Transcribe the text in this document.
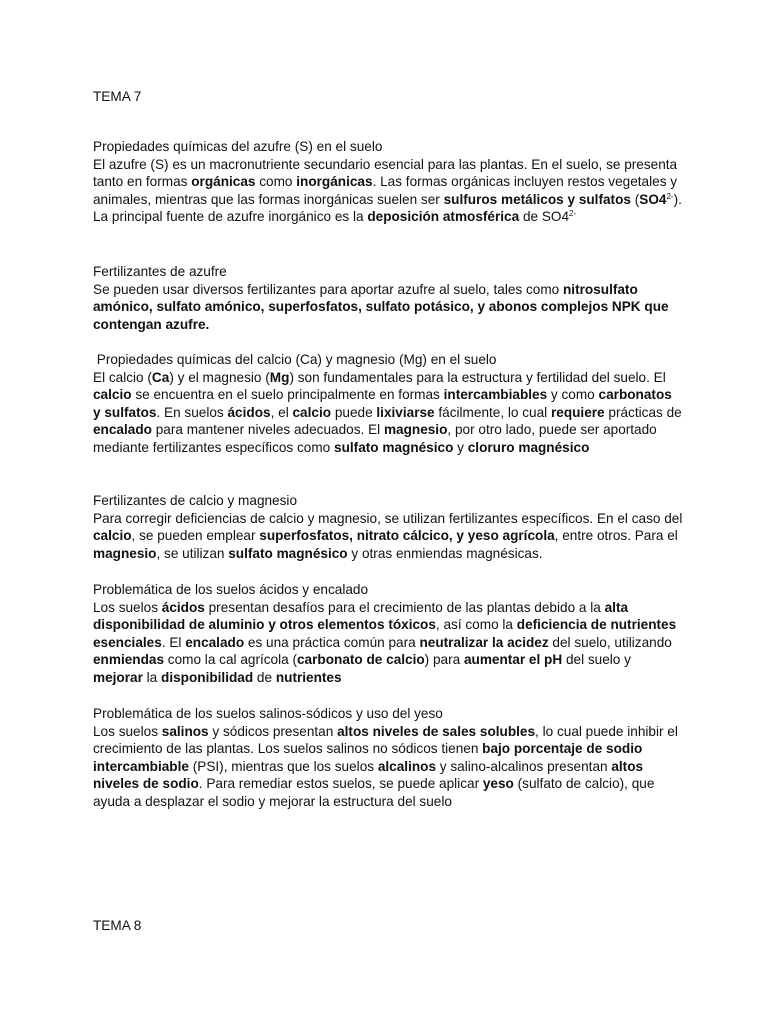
TEMA 7

Propiedades químicas del azufre (S) en el suelo

El azufre (S) es un macronutriente secundario esencial para las plantas. En el suelo, se presenta tanto en formas orgánicas como inorgánicas. Las formas orgánicas incluyen restos vegetales y animales, mientras que las formas inorgánicas suelen ser sulfuros metálicos y sulfatos $(SO4^{2-})$. La principal fuente de azufre inorgánico es la deposición atmosférica de $SO4^{2-}$

Fertilizantes de azufre

Se pueden usar diversos fertilizantes para aportar azufre al suelo, tales como nitrosulfato amónico, sulfato amónico, superfosfatos, sulfato potásico, y abonos complejos NPK que contengan azufre.

Propiedades químicas del calcio (Ca) y magnesio (Mg) en el suelo

El calcio (Ca) y el magnesio (Mg) son fundamentales para la estructura y fertilidad del suelo. El calcio se encuentra en el suelo principalmente en formas intercambiables y como carbonatos y sulfatos. En suelos ácidos, el calcio puede lixiviarse fácilmente, lo cual requiere prácticas de encalado para mantener niveles adecuados. El magnesio, por otro lado, puede ser aportado mediante fertilizantes específicos como sulfato magnésico y cloruro magnésico

Fertilizantes de calcio y magnesio

Para corregir deficiencias de calcio y magnesio, se utilizan fertilizantes específicos. En el caso del calcio, se pueden emplear superfosfatos, nitrato cálcico, y yeso agrícola, entre otros. Para el magnesio, se utilizan sulfato magnésico y otras enmiendas magnésicas.

Problemática de los suelos ácidos y encalado

Los suelos ácidos presentan desafíos para el crecimiento de las plantas debido a la alta disponibilidad de aluminio y otros elementos tóxicos, así como la deficiencia de nutrientes esenciales. El encalado es una práctica común para neutralizar la acidez del suelo, utilizando enmiendas como la cal agrícola (carbonato de calcio) para aumentar el pH del suelo y mejorar la disponibilidad de nutrientes

Problemática de los suelos salinos-sódicos y uso del yeso

Los suelos salinos y sódicos presentan altos niveles de sales solubles, lo cual puede inhibir el crecimiento de las plantas. Los suelos salinos no sódicos tienen bajo porcentaje de sodio intercambiable (PSI), mientras que los suelos alcalinos y salino-alcalinos presentan altos niveles de sodio. Para remediar estos suelos, se puede aplicar yeso (sulfato de calcio), que ayuda a desplazar el sodio y mejorar la estructura del suelo

TEMA 8
